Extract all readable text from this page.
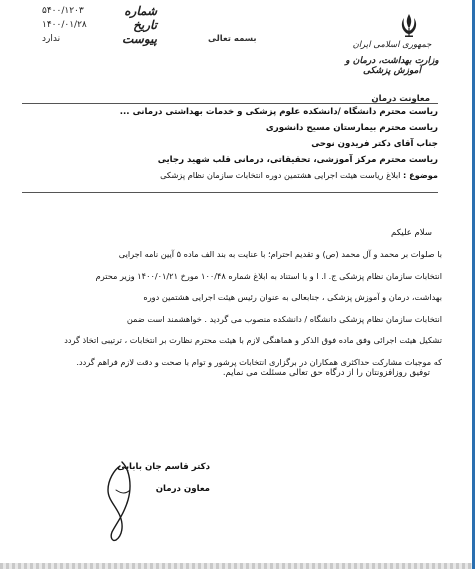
۵۴۰۰/۱۲۰۳	شماره
۱۴۰۰/۰۱/۲۸	تاریخ
ندارد	پیوست	بسمه تعالی
جمهوری اسلامی ایران
وزارت بهداشت، درمان و آموزش پزشکی
معاونت درمان
ریاست محترم دانشگاه /دانشکده علوم پزشکی و خدمات بهداشتی درمانی ...
ریاست محترم بیمارستان مسیح دانشوری
جناب آقای دکتر فریدون نوحی
ریاست محترم مرکز آموزشی، تحقیقاتی، درمانی قلب شهید رجایی
موضوع : ابلاغ ریاست هیئت اجرایی هشتمین دوره انتخابات سازمان نظام پزشکی
سلام علیکم
با صلوات بر محمد و آل محمد (ص) و تقدیم احترام؛ با عنایت به بند الف ماده ۵ آیین نامه اجرایی
انتخابات سازمان نظام پزشکی ج. ا. ا و با استناد به ابلاغ شماره ۱۰۰/۴۸ مورخ ۱۴۰۰/۰۱/۲۱ وزیر محترم
بهداشت، درمان و آموزش پزشکی ، جنابعالی به عنوان رئیس هیئت اجرایی هشتمین دوره
انتخابات سازمان نظام پزشکی دانشگاه / دانشکده منصوب می گردید . خواهشمند است ضمن
تشکیل هیئت اجرائی وفق ماده فوق الذکر و هماهنگی لازم با هیئت محترم نظارت بر انتخابات ، ترتیبی اتخاذ گردد
که موجبات مشارکت حداکثری همکاران در برگزاری انتخابات پرشور و توام با صحت و دقت لازم فراهم گردد.
توفیق روزافزونتان را از درگاه حق تعالی مسئلت می نمایم.
دکتر قاسم جان بابایی
معاون درمان
